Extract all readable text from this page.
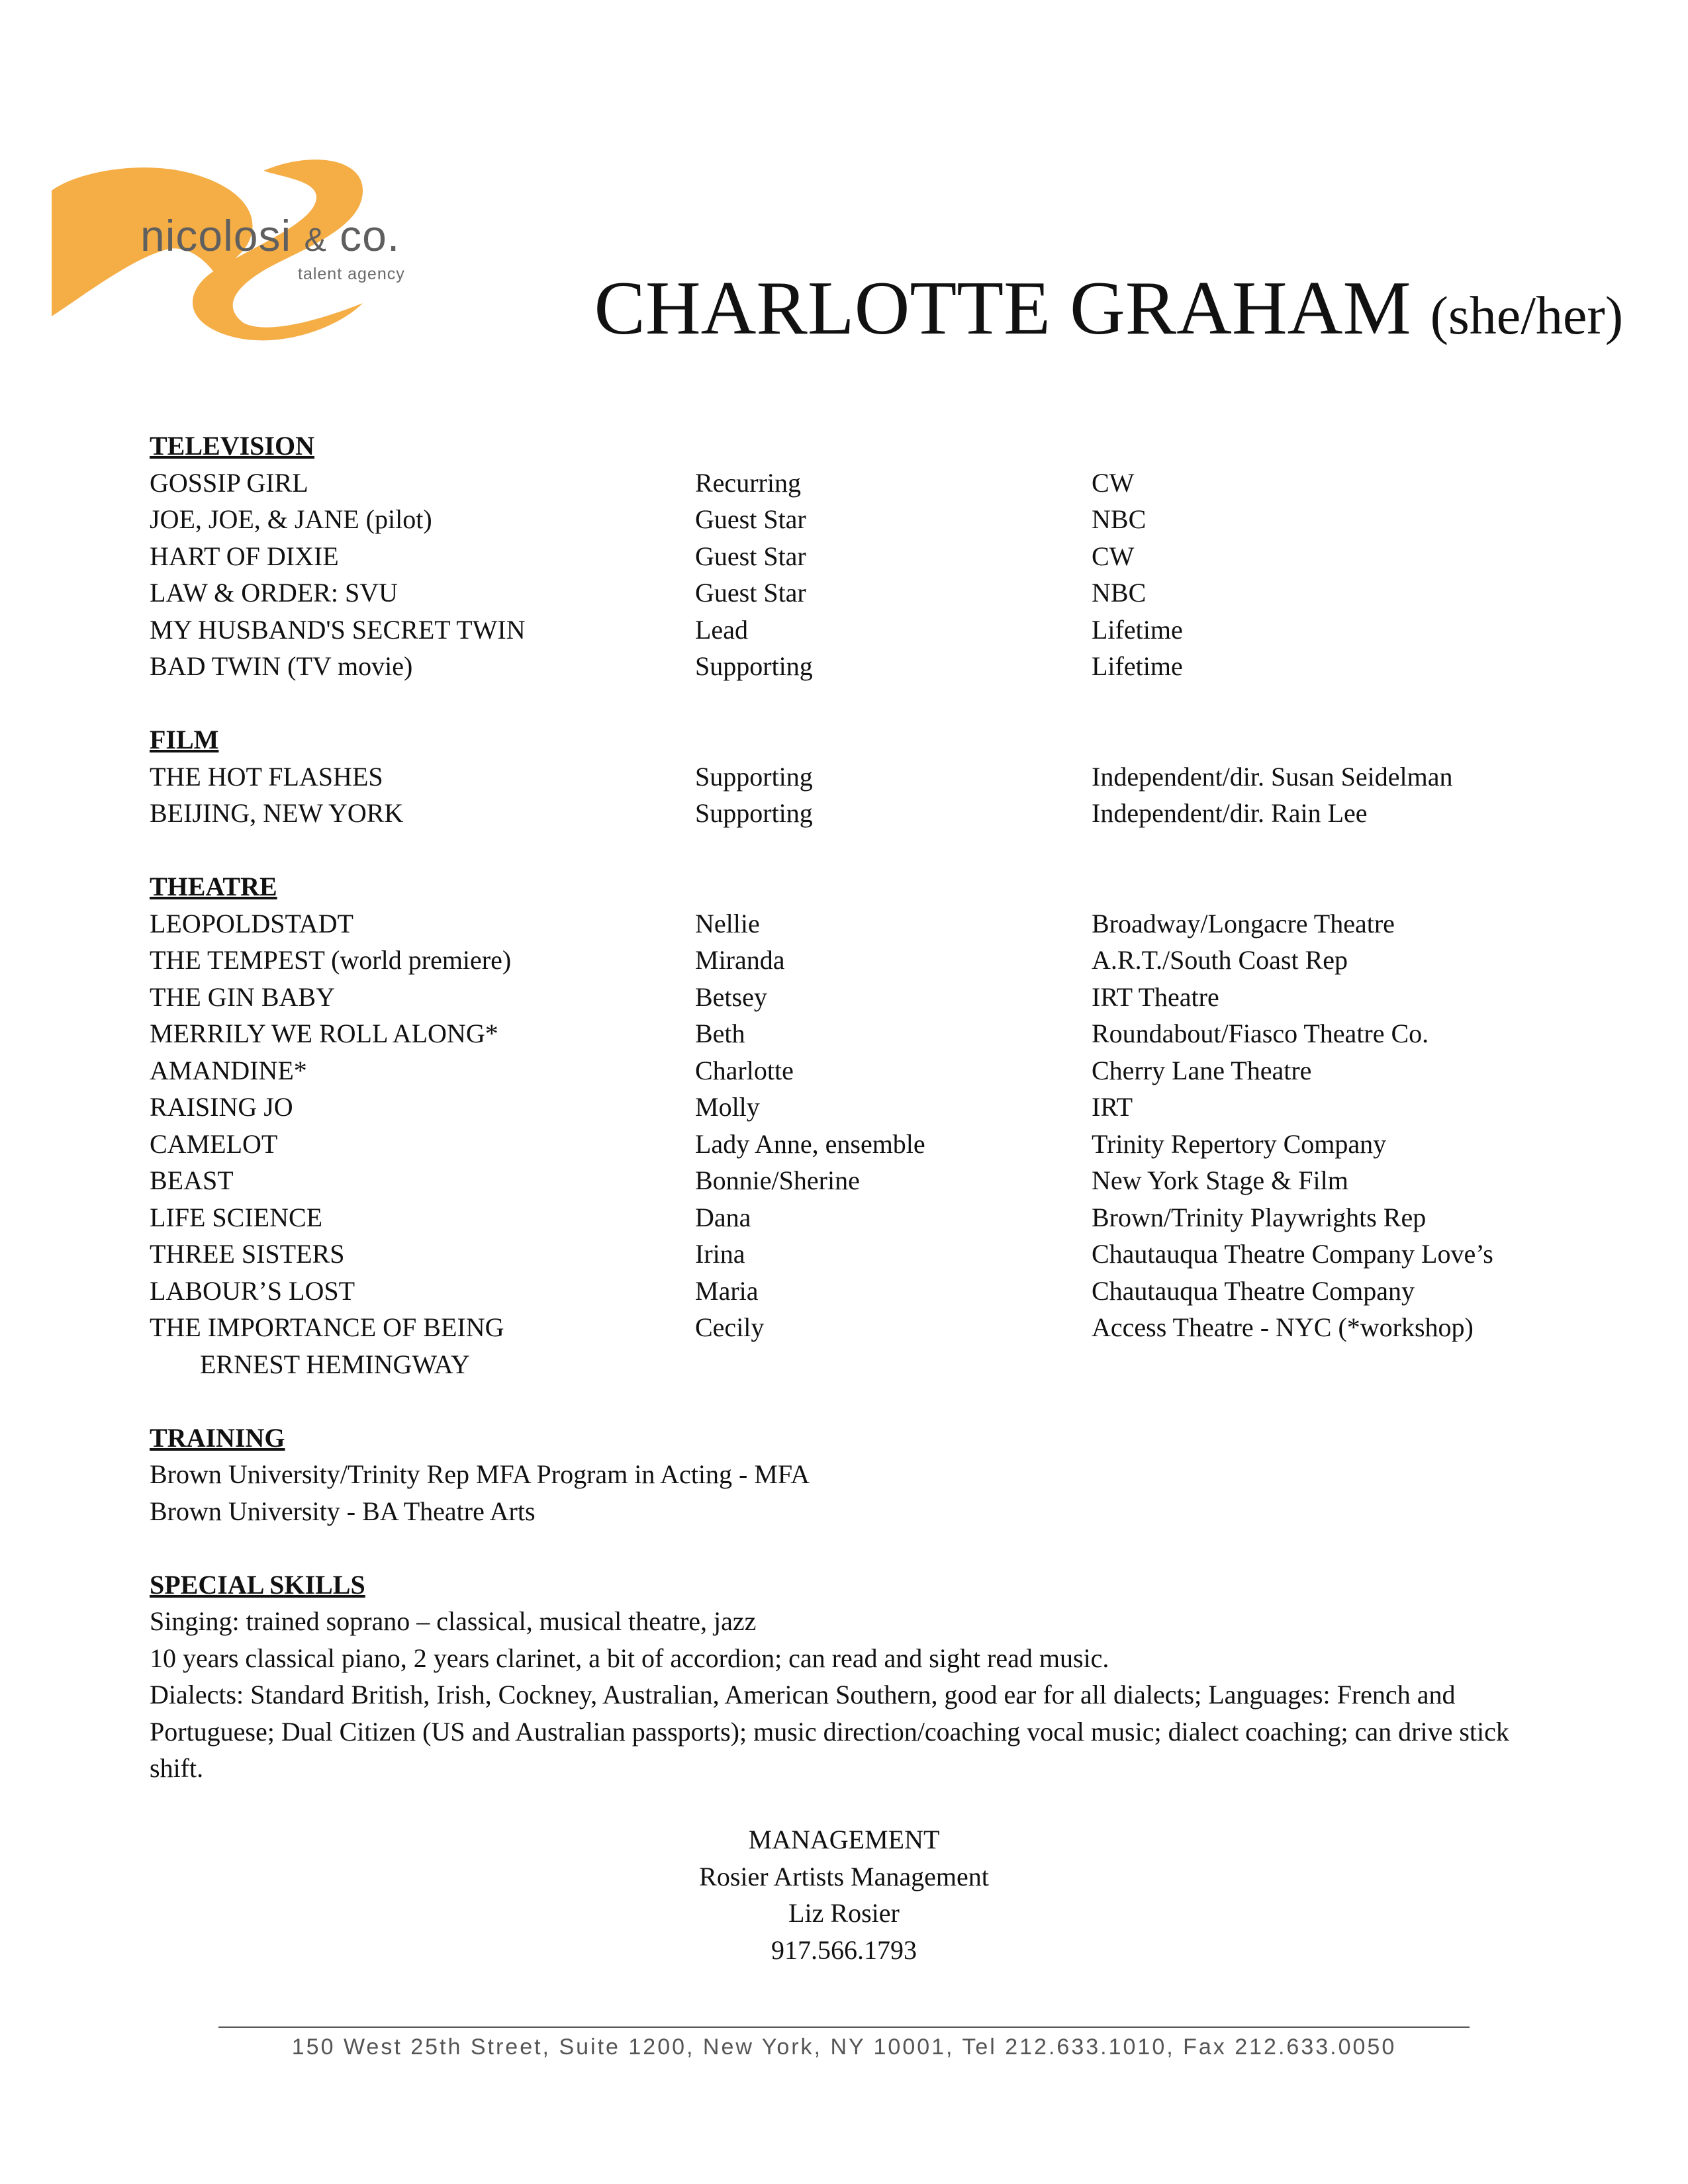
nicolosi & co.
talent agency CHARLOTTE GRAHAM (she/her)
TELEVISION
GOSSIP GIRL	Recurring	CW
JOE, JOE, & JANE (pilot)	Guest Star	NBC
HART OF DIXIE	Guest Star	CW
LAW & ORDER: SVU	Guest Star	NBC
MY HUSBAND'S SECRET TWIN	Lead	Lifetime
BAD TWIN (TV movie)	Supporting	Lifetime
FILM
THE HOT FLASHES	Supporting	Independent/dir. Susan Seidelman
BEIJING, NEW YORK	Supporting	Independent/dir. Rain Lee
THEATRE
LEOPOLDSTADT	Nellie	Broadway/Longacre Theatre
THE TEMPEST (world premiere)	Miranda	A.R.T./South Coast Rep
THE GIN BABY	Betsey	IRT Theatre
MERRILY WE ROLL ALONG*	Beth	Roundabout/Fiasco Theatre Co.
AMANDINE*	Charlotte	Cherry Lane Theatre
RAISING JO	Molly	IRT
CAMELOT	Lady Anne, ensemble	Trinity Repertory Company
BEAST	Bonnie/Sherine	New York Stage & Film
LIFE SCIENCE	Dana	Brown/Trinity Playwrights Rep
THREE SISTERS	Irina	Chautauqua Theatre Company Love’s
LABOUR’S LOST	Maria	Chautauqua Theatre Company
THE IMPORTANCE OF BEING	Cecily	Access Theatre - NYC (*workshop)
ERNEST HEMINGWAY
TRAINING
Brown University/Trinity Rep MFA Program in Acting - MFA
Brown University - BA Theatre Arts
SPECIAL SKILLS
Singing: trained soprano – classical, musical theatre, jazz
10 years classical piano, 2 years clarinet, a bit of accordion; can read and sight read music.
Dialects: Standard British, Irish, Cockney, Australian, American Southern, good ear for all dialects; Languages: French and Portuguese; Dual Citizen (US and Australian passports); music direction/coaching vocal music; dialect coaching; can drive stick shift.
MANAGEMENT
Rosier Artists Management
Liz Rosier
917.566.1793
150 West 25th Street, Suite 1200, New York, NY 10001, Tel 212.633.1010, Fax 212.633.0050
